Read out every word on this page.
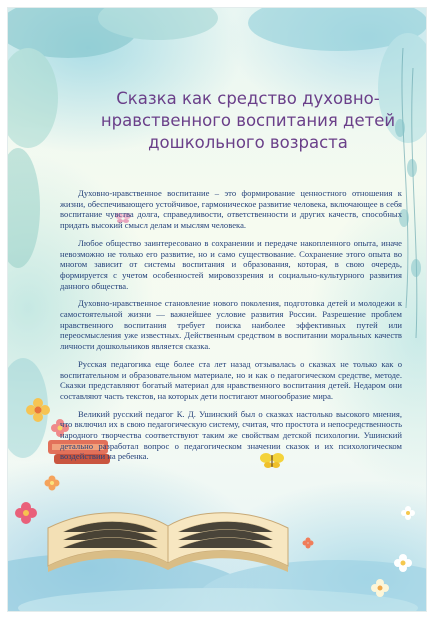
Сказка как средство духовно-нравственного воспитания детей дошкольного возраста

Духовно-нравственное воспитание – это формирование ценностного отношения к жизни, обеспечивающего устойчивое, гармоническое развитие человека, включающее в себя воспитание чувства долга, справедливости, ответственности и других качеств, способных придать высокий смысл делам и мыслям человека.

Любое общество заинтересовано в сохранении и передаче накопленного опыта, иначе невозможно не только его развитие, но и само существование. Сохранение этого опыта во многом зависит от системы воспитания и образования, которая, в свою очередь, формируется с учетом особенностей мировоззрения и социально-культурного развития данного общества.

Духовно-нравственное становление нового поколения, подготовка детей и молодежи к самостоятельной жизни — важнейшее условие развития России. Разрешение проблем нравственного воспитания требует поиска наиболее эффективных путей или переосмысления уже известных. Действенным средством в воспитании моральных качеств личности дошкольников является сказка.

Русская педагогика еще более ста лет назад отзывалась о сказках не только как о воспитательном и образовательном материале, но и как о педагогическом средстве, методе. Сказки представляют богатый материал для нравственного воспитания детей. Недаром они составляют часть текстов, на которых дети постигают многообразие мира.

Великий русский педагог К. Д. Ушинский был о сказках настолько высокого мнения, что включил их в свою педагогическую систему, считая, что простота и непосредственность народного творчества соответствуют таким же свойствам детской психологии. Ушинский детально разработал вопрос о педагогическом значении сказок и их психологическом воздействии на ребенка.
